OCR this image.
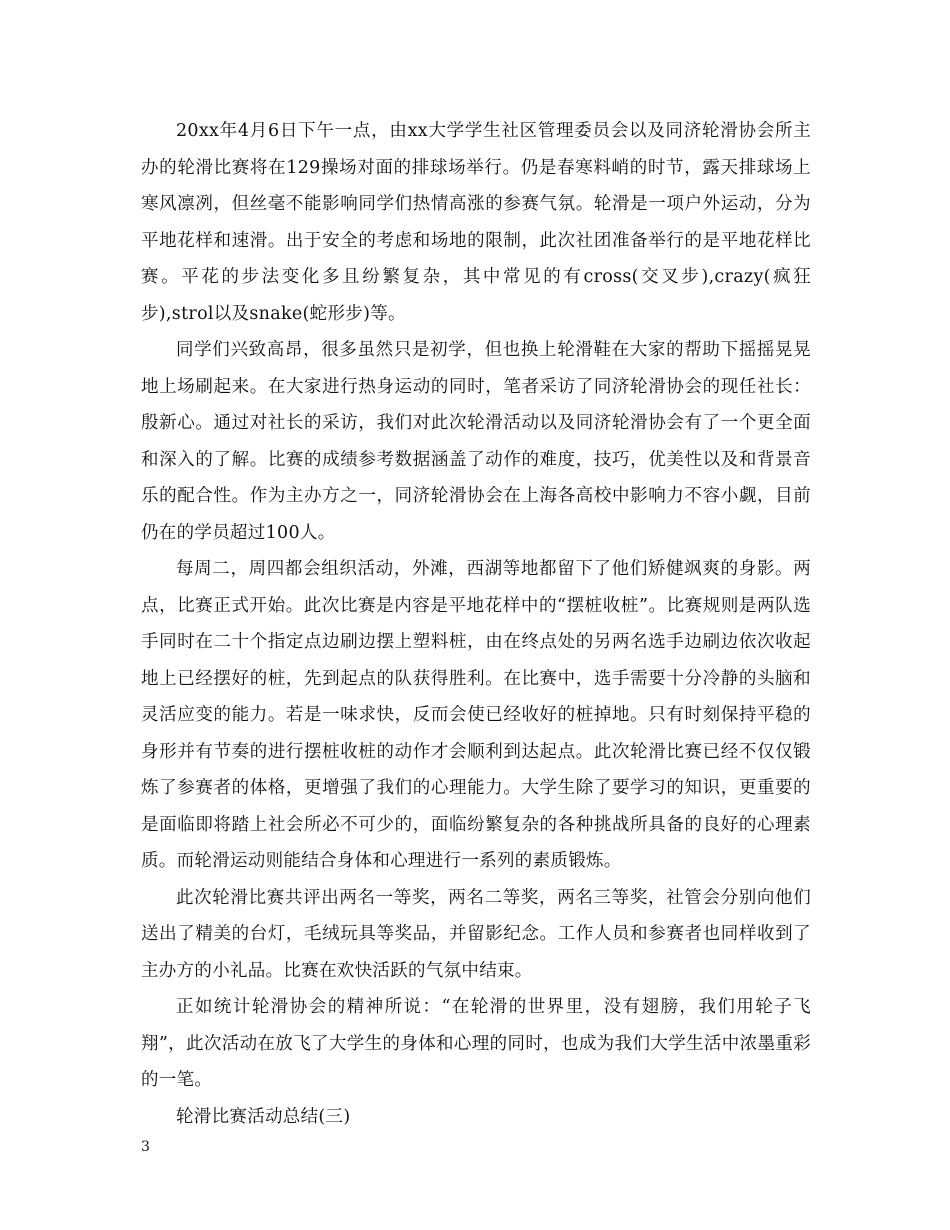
20xx年4月6日下午一点，由xx大学学生社区管理委员会以及同济轮滑协会所主办的轮滑比赛将在129操场对面的排球场举行。仍是春寒料峭的时节，露天排球场上寒风凛冽，但丝毫不能影响同学们热情高涨的参赛气氛。轮滑是一项户外运动，分为平地花样和速滑。出于安全的考虑和场地的限制，此次社团准备举行的是平地花样比赛。平花的步法变化多且纷繁复杂，其中常见的有cross(交叉步),crazy(疯狂步),strol以及snake(蛇形步)等。

同学们兴致高昂，很多虽然只是初学，但也换上轮滑鞋在大家的帮助下摇摇晃晃地上场刷起来。在大家进行热身运动的同时，笔者采访了同济轮滑协会的现任社长：殷新心。通过对社长的采访，我们对此次轮滑活动以及同济轮滑协会有了一个更全面和深入的了解。比赛的成绩参考数据涵盖了动作的难度，技巧，优美性以及和背景音乐的配合性。作为主办方之一，同济轮滑协会在上海各高校中影响力不容小觑，目前仍在的学员超过100人。

每周二，周四都会组织活动，外滩，西湖等地都留下了他们矫健飒爽的身影。两点，比赛正式开始。此次比赛是内容是平地花样中的“摆桩收桩”。比赛规则是两队选手同时在二十个指定点边刷边摆上塑料桩，由在终点处的另两名选手边刷边依次收起地上已经摆好的桩，先到起点的队获得胜利。在比赛中，选手需要十分冷静的头脑和灵活应变的能力。若是一味求快，反而会使已经收好的桩掉地。只有时刻保持平稳的身形并有节奏的进行摆桩收桩的动作才会顺利到达起点。此次轮滑比赛已经不仅仅锻炼了参赛者的体格，更增强了我们的心理能力。大学生除了要学习的知识，更重要的是面临即将踏上社会所必不可少的，面临纷繁复杂的各种挑战所具备的良好的心理素质。而轮滑运动则能结合身体和心理进行一系列的素质锻炼。

此次轮滑比赛共评出两名一等奖，两名二等奖，两名三等奖，社管会分别向他们送出了精美的台灯，毛绒玩具等奖品，并留影纪念。工作人员和参赛者也同样收到了主办方的小礼品。比赛在欢快活跃的气氛中结束。

正如统计轮滑协会的精神所说：“在轮滑的世界里，没有翅膀，我们用轮子飞翔”，此次活动在放飞了大学生的身体和心理的同时，也成为我们大学生活中浓墨重彩的一笔。

轮滑比赛活动总结(三)

3
